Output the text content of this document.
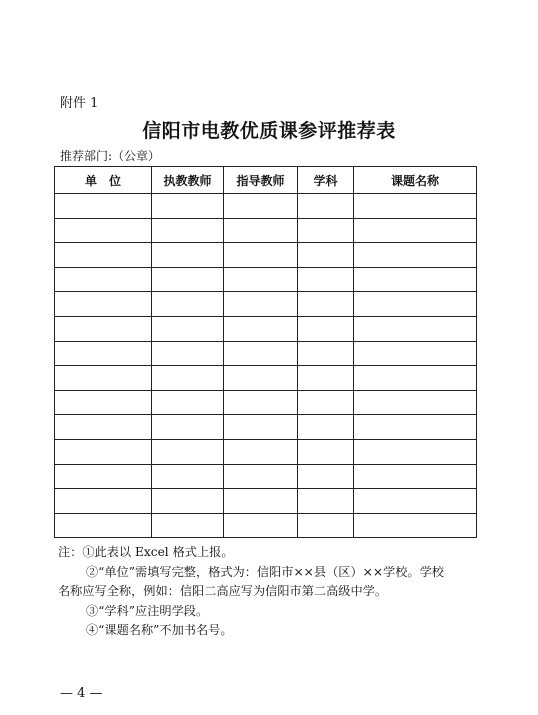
附件 1
信阳市电教优质课参评推荐表
推荐部门:（公章）
单　位	执教教师	指导教师	学科	课题名称

注：①此表以 Excel 格式上报。
②“单位”需填写完整，格式为：信阳市××县（区）××学校。学校
名称应写全称，例如：信阳二高应写为信阳市第二高级中学。
③“学科”应注明学段。
④“课题名称”不加书名号。
— 4 —
